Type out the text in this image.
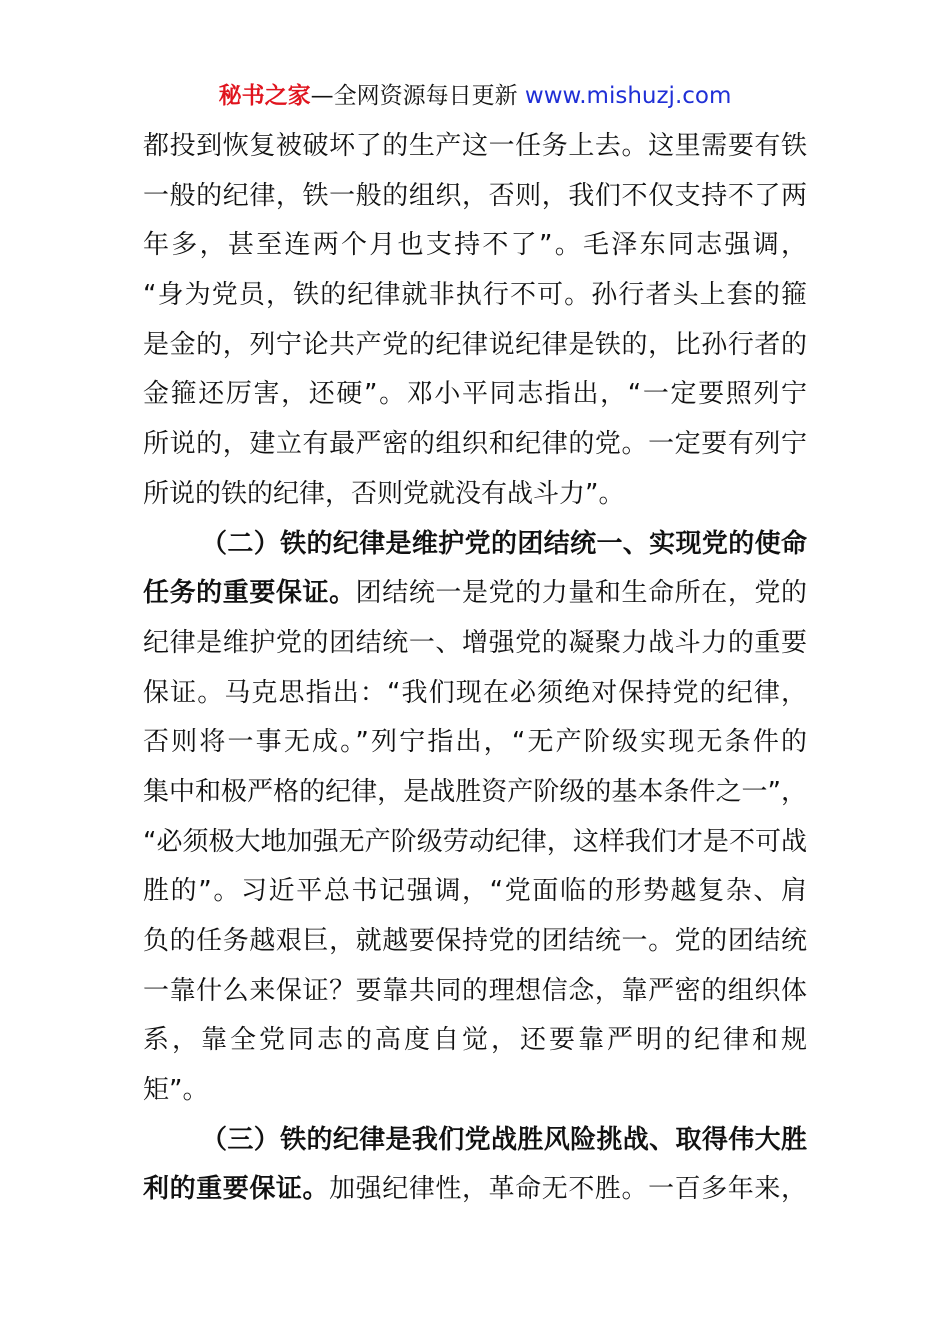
秘书之家—全网资源每日更新 www.mishuzj.com
都投到恢复被破坏了的生产这一任务上去。这里需要有铁
一般的纪律，铁一般的组织，否则，我们不仅支持不了两
年多，甚至连两个月也支持不了”。毛泽东同志强调，
“身为党员，铁的纪律就非执行不可。孙行者头上套的箍
是金的，列宁论共产党的纪律说纪律是铁的，比孙行者的
金箍还厉害，还硬”。邓小平同志指出，“一定要照列宁
所说的，建立有最严密的组织和纪律的党。一定要有列宁
所说的铁的纪律，否则党就没有战斗力”。
（二）铁的纪律是维护党的团结统一、实现党的使命
任务的重要保证。团结统一是党的力量和生命所在，党的
纪律是维护党的团结统一、增强党的凝聚力战斗力的重要
保证。马克思指出：“我们现在必须绝对保持党的纪律，
否则将一事无成。”列宁指出，“无产阶级实现无条件的
集中和极严格的纪律，是战胜资产阶级的基本条件之一”，
“必须极大地加强无产阶级劳动纪律，这样我们才是不可战
胜的”。习近平总书记强调，“党面临的形势越复杂、肩
负的任务越艰巨，就越要保持党的团结统一。党的团结统
一靠什么来保证？要靠共同的理想信念，靠严密的组织体
系，靠全党同志的高度自觉，还要靠严明的纪律和规
矩”。
（三）铁的纪律是我们党战胜风险挑战、取得伟大胜
利的重要保证。加强纪律性，革命无不胜。一百多年来，
